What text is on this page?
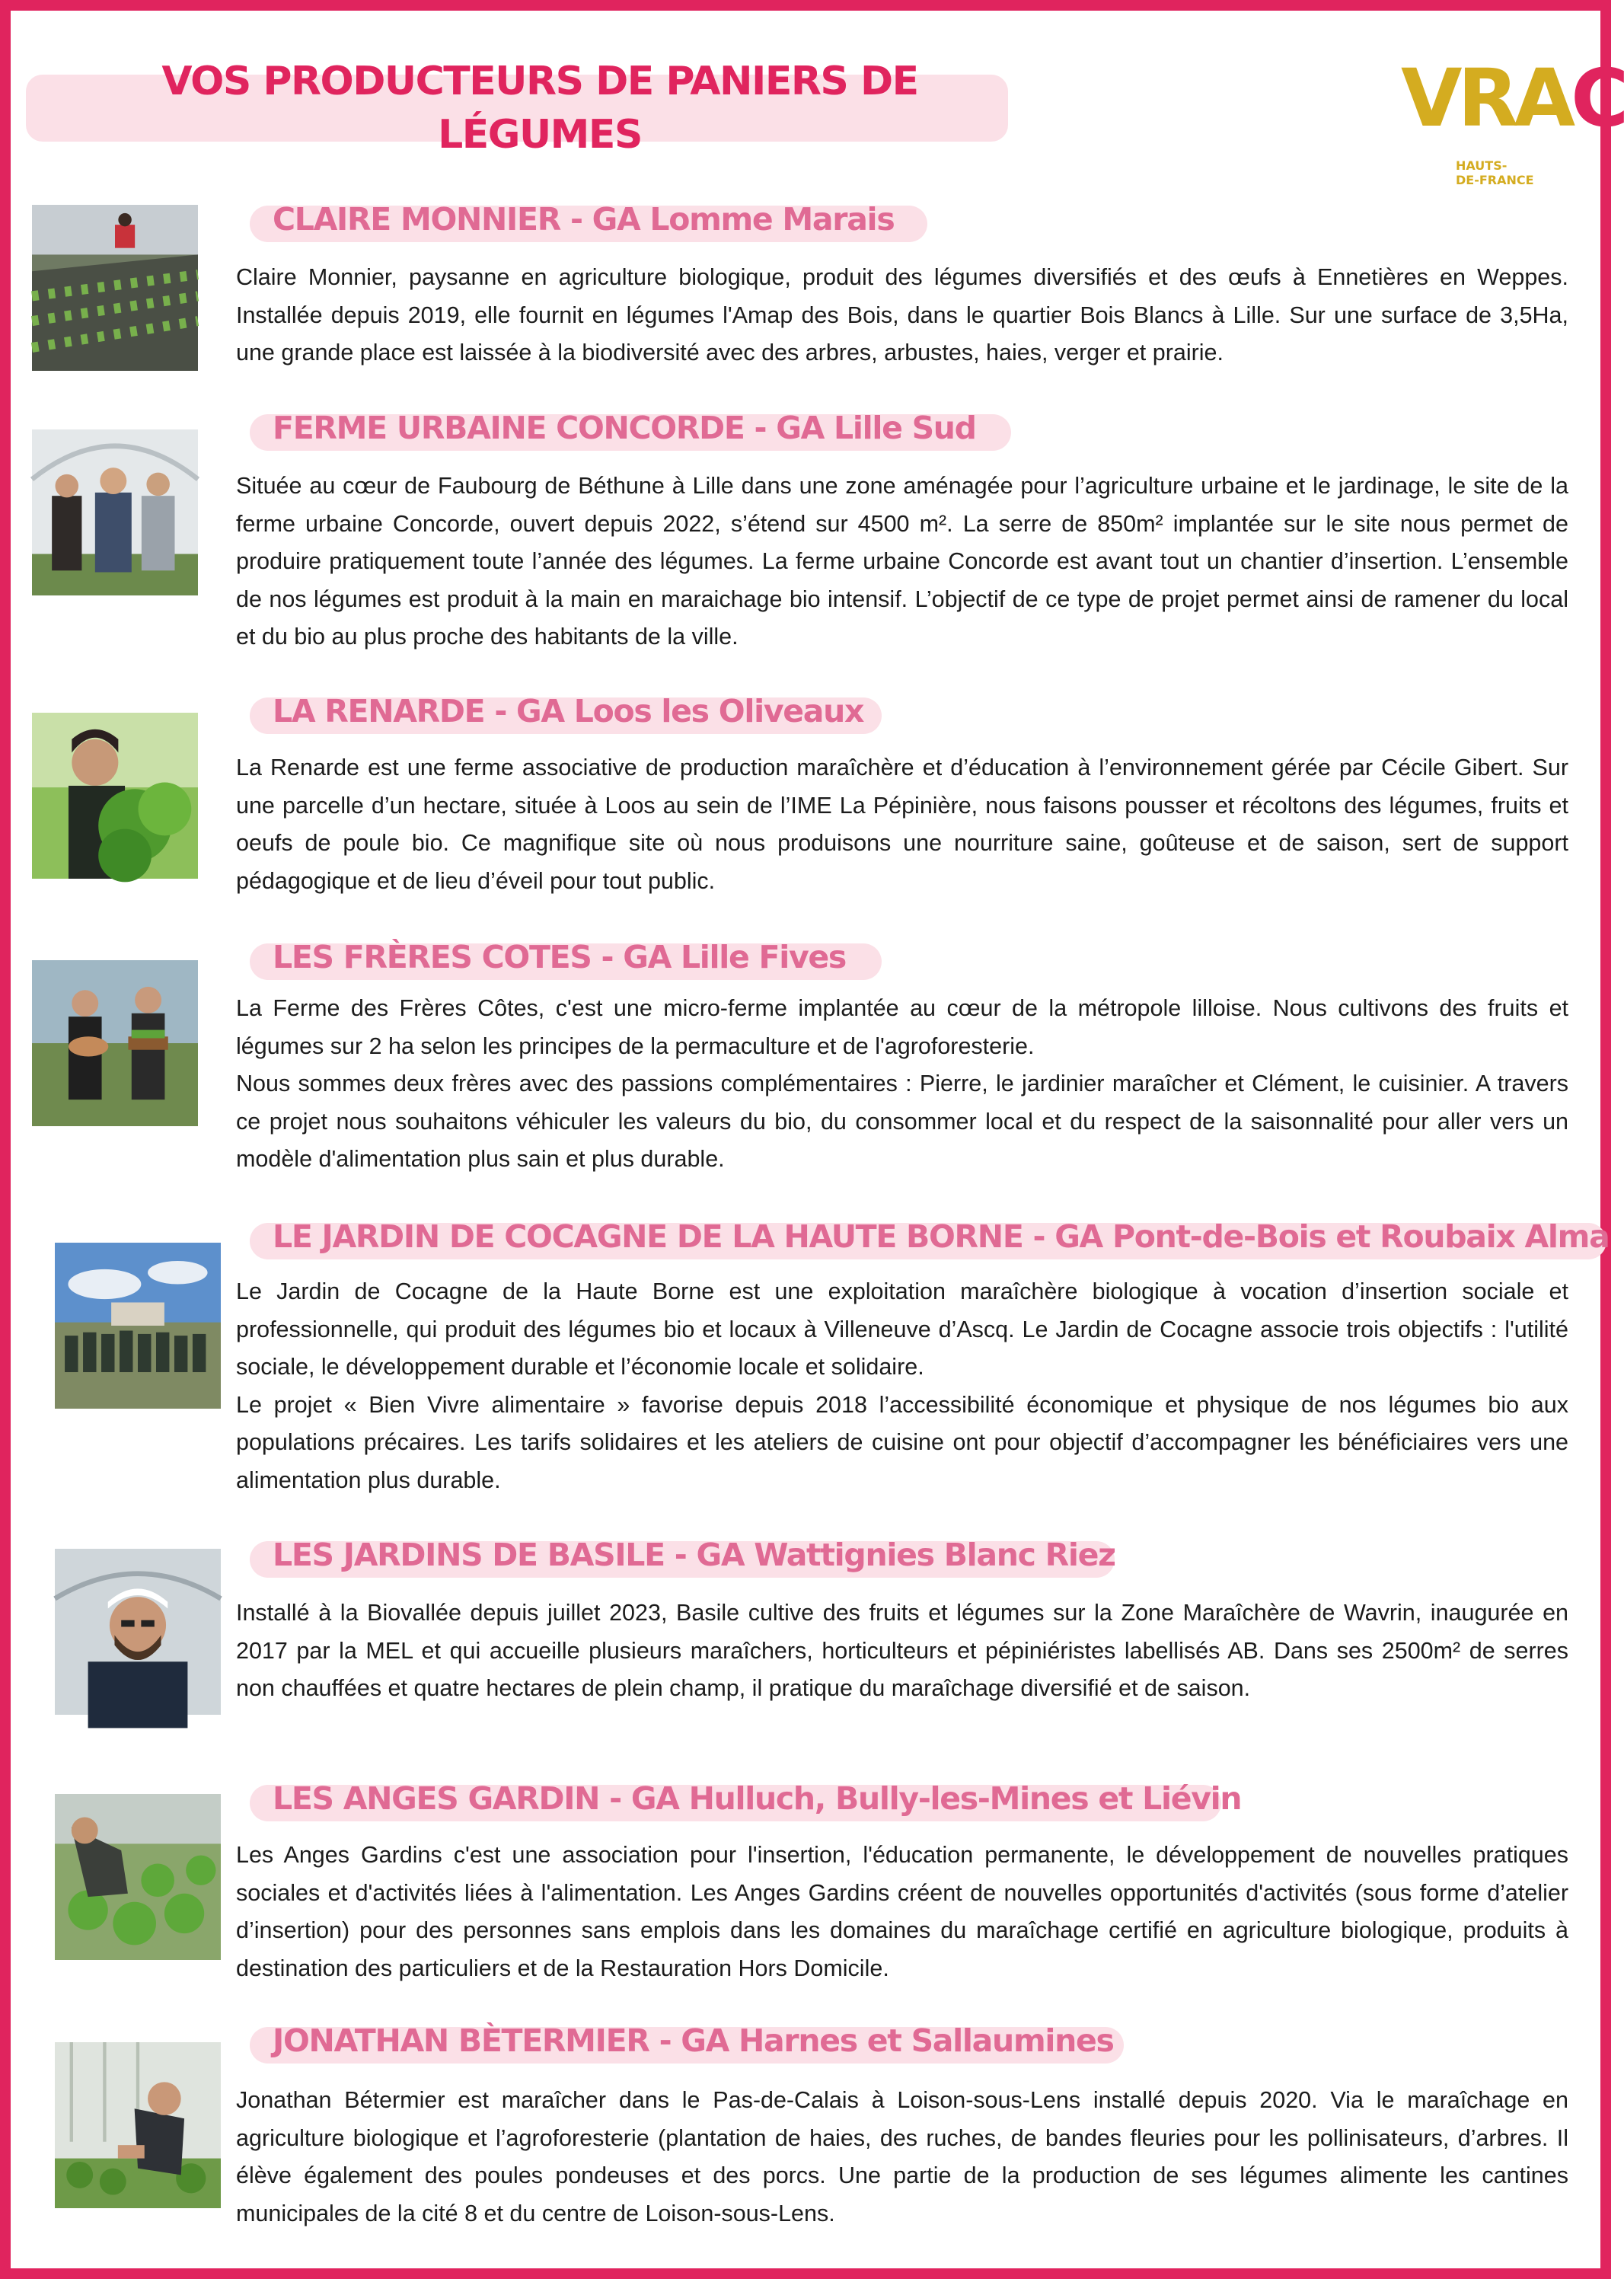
VOS PRODUCTEURS DE PANIERS DE
LÉGUMES	VRAC
HAUTS-
DE-FRANCE
CLAIRE MONNIER - GA Lomme Marais

Claire Monnier, paysanne en agriculture biologique, produit des légumes diversifiés et des œufs à Ennetières en Weppes. Installée depuis 2019, elle fournit en légumes l'Amap des Bois, dans le quartier Bois Blancs à Lille. Sur une surface de 3,5Ha, une grande place est laissée à la biodiversité avec des arbres, arbustes, haies, verger et prairie.

FERME URBAINE CONCORDE - GA Lille Sud

Située au cœur de Faubourg de Béthune à Lille dans une zone aménagée pour l’agriculture urbaine et le jardinage, le site de la ferme urbaine Concorde, ouvert depuis 2022, s’étend sur 4500 m². La serre de 850m² implantée sur le site nous permet de produire pratiquement toute l’année des légumes. La ferme urbaine Concorde est avant tout un chantier d’insertion. L’ensemble de nos légumes est produit à la main en maraichage bio intensif. L’objectif de ce type de projet permet ainsi de ramener du local et du bio au plus proche des habitants de la ville.

LA RENARDE - GA Loos les Oliveaux

La Renarde est une ferme associative de production maraîchère et d’éducation à l’environnement gérée par Cécile Gibert. Sur une parcelle d’un hectare, située à Loos au sein de l’IME La Pépinière, nous faisons pousser et récoltons des légumes, fruits et oeufs de poule bio. Ce magnifique site où nous produisons une nourriture saine, goûteuse et de saison, sert de support pédagogique et de lieu d’éveil pour tout public.

LES FRÈRES COTES - GA Lille Fives

La Ferme des Frères Côtes, c'est une micro-ferme implantée au cœur de la métropole lilloise. Nous cultivons des fruits et légumes sur 2 ha selon les principes de la permaculture et de l'agroforesterie.

Nous sommes deux frères avec des passions complémentaires : Pierre, le jardinier maraîcher et Clément, le cuisinier. A travers ce projet nous souhaitons véhiculer les valeurs du bio, du consommer local et du respect de la saisonnalité pour aller vers un modèle d'alimentation plus sain et plus durable.

LE JARDIN DE COCAGNE DE LA HAUTE BORNE - GA Pont-de-Bois et Roubaix Alma

Le Jardin de Cocagne de la Haute Borne est une exploitation maraîchère biologique à vocation d’insertion sociale et professionnelle, qui produit des légumes bio et locaux à Villeneuve d’Ascq. Le Jardin de Cocagne associe trois objectifs : l'utilité sociale, le développement durable et l’économie locale et solidaire.

Le projet « Bien Vivre alimentaire » favorise depuis 2018 l’accessibilité économique et physique de nos légumes bio aux populations précaires. Les tarifs solidaires et les ateliers de cuisine ont pour objectif d’accompagner les bénéficiaires vers une alimentation plus durable.

LES JARDINS DE BASILE - GA Wattignies Blanc Riez

Installé à la Biovallée depuis juillet 2023, Basile cultive des fruits et légumes sur la Zone Maraîchère de Wavrin, inaugurée en 2017 par la MEL et qui accueille plusieurs maraîchers, horticulteurs et pépiniéristes labellisés AB. Dans ses 2500m² de serres non chauffées et quatre hectares de plein champ, il pratique du maraîchage diversifié et de saison.

LES ANGES GARDIN - GA Hulluch, Bully-les-Mines et Liévin

Les Anges Gardins c'est une association pour l'insertion, l'éducation permanente, le développement de nouvelles pratiques sociales et d'activités liées à l'alimentation. Les Anges Gardins créent de nouvelles opportunités d'activités (sous forme d’atelier d’insertion) pour des personnes sans emplois dans les domaines du maraîchage certifié en agriculture biologique, produits à destination des particuliers et de la Restauration Hors Domicile.

JONATHAN BÈTERMIER - GA Harnes et Sallaumines

Jonathan Bétermier est maraîcher dans le Pas-de-Calais à Loison-sous-Lens installé depuis 2020. Via le maraîchage en agriculture biologique et l’agroforesterie (plantation de haies, des ruches, de bandes fleuries pour les pollinisateurs, d’arbres. Il élève également des poules pondeuses et des porcs. Une partie de la production de ses légumes alimente les cantines municipales de la cité 8 et du centre de Loison-sous-Lens.
